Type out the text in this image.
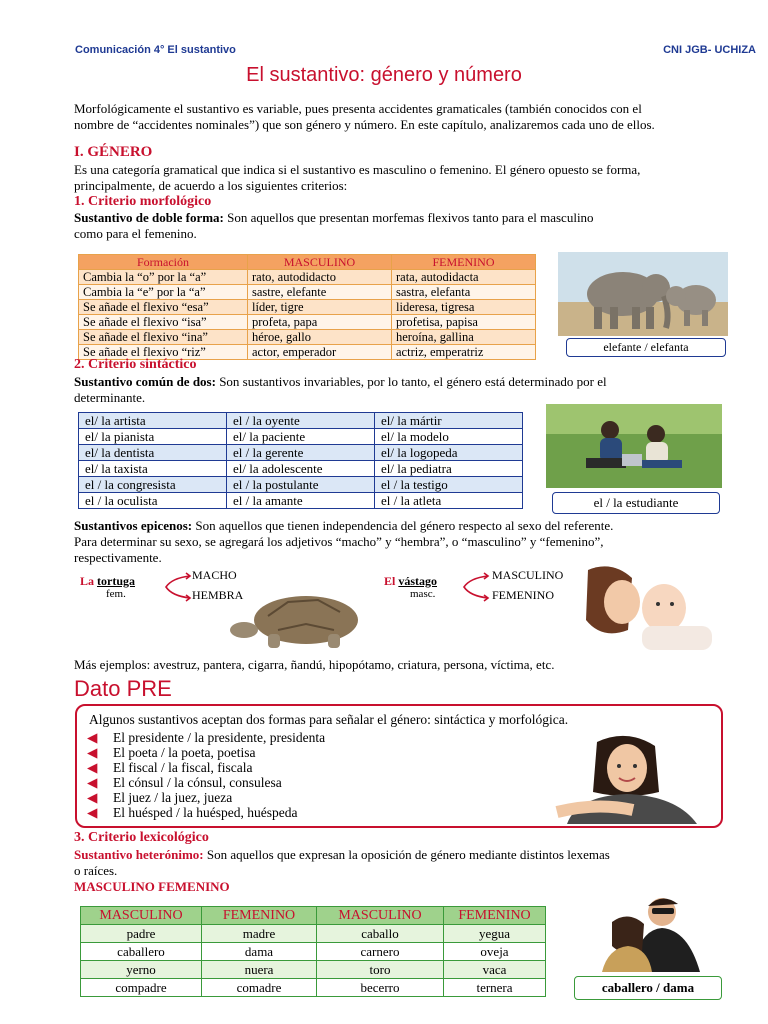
Comunicación 4° El sustantivo	CNI JGB- UCHIZA
El sustantivo: género y número
Morfológicamente el sustantivo es variable, pues presenta accidentes gramaticales (también conocidos con el
nombre de “accidentes nominales”) que son género y número. En este capítulo, analizaremos cada uno de ellos.
I. GÉNERO
Es una categoría gramatical que indica si el sustantivo es masculino o femenino. El género opuesto se forma,
principalmente, de acuerdo a los siguientes criterios:
1. Criterio morfológico
Sustantivo de doble forma: Son aquellos que presentan morfemas flexivos tanto para el masculino
como para el femenino.
Formación	MASCULINO	FEMENINO
Cambia la “o” por la “a”	rato, autodidacto	rata, autodidacta
Cambia la “e” por la “a”	sastre, elefante	sastra, elefanta
Se añade el flexivo “esa”	líder, tigre	lideresa, tigresa
Se añade el flexivo “isa”	profeta, papa	profetisa, papisa
Se añade el flexivo “ina”	héroe, gallo	heroína, gallina
Se añade el flexivo “riz”	actor, emperador	actriz, emperatriz	elefante / elefanta
2. Criterio sintáctico
Sustantivo común de dos: Son sustantivos invariables, por lo tanto, el género está determinado por el
determinante.
el/ la artista	el / la oyente	el/ la mártir
el/ la pianista	el/ la paciente	el/ la modelo
el/ la dentista	el / la gerente	el/ la logopeda
el/ la taxista	el/ la adolescente	el/ la pediatra
el / la congresista	el / la postulante	el / la testigo
el / la oculista	el / la amante	el / la atleta	el / la estudiante
Sustantivos epicenos: Son aquellos que tienen independencia del género respecto al sexo del referente.
Para determinar su sexo, se agregará los adjetivos “macho” y “hembra”, o “masculino” y “femenino”,
respectivamente.
La tortuga
fem.
MACHO
HEMBRA
El vástago
masc.
MASCULINO
FEMENINO
Más ejemplos: avestruz, pantera, cigarra, ñandú, hipopótamo, criatura, persona, víctima, etc.
Dato PRE
Algunos sustantivos aceptan dos formas para señalar el género: sintáctica y morfológica.
◀ El presidente / la presidente, presidenta
◀ El poeta / la poeta, poetisa
◀ El fiscal / la fiscal, fiscala
◀ El cónsul / la cónsul, consulesa
◀ El juez / la juez, jueza
◀ El huésped / la huésped, huéspeda
3. Criterio lexicológico
Sustantivo heterónimo: Son aquellos que expresan la oposición de género mediante distintos lexemas
o raíces.
MASCULINO FEMENINO
MASCULINO	FEMENINO	MASCULINO	FEMENINO
padre	madre	caballo	yegua
caballero	dama	carnero	oveja
yerno	nuera	toro	vaca
compadre	comadre	becerro	ternera	caballero / dama
